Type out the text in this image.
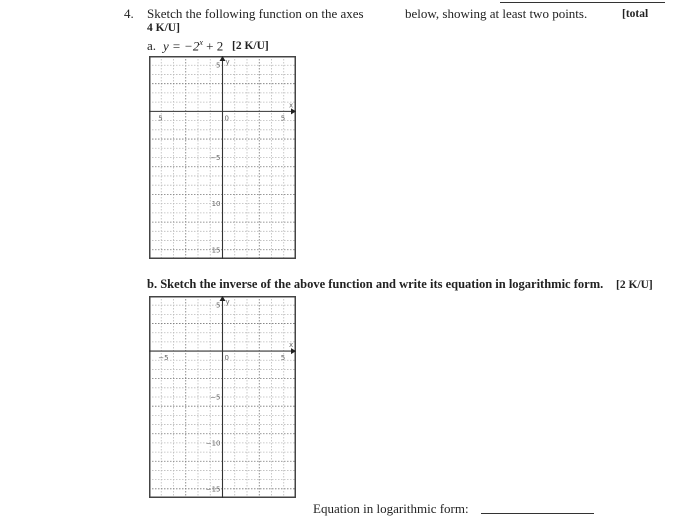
4. Sketch the following function on the axes	below, showing at least two points.	[total
4 K/U]
a. $y = -2^x + 2$ [2 K/U]
x
y
5	0	5
5
−5
10
15
b. Sketch the inverse of the above function and write its equation in logarithmic form. [2 K/U]
x
y
−5	0	5
5
−5
−10
−15
Equation in logarithmic form:
